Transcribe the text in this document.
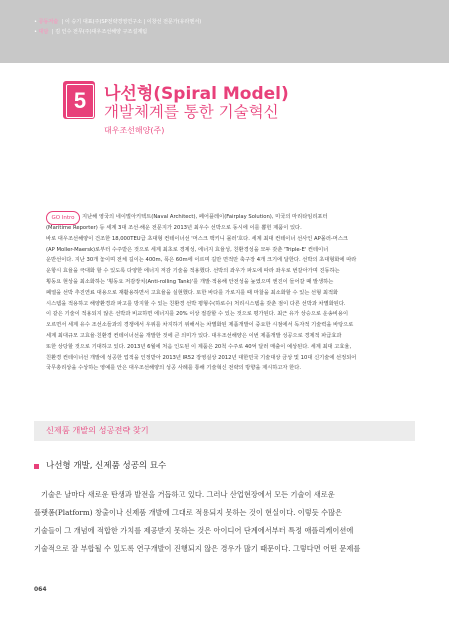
• 공동저술 | 이 승기 대표(주)SP전략경영연구소 | 이창선 전문가(유라멘서)
• 대담 | 김 인수 전무(주)대우조선해양 구조설계팀
5	나선형(Spiral Model)
개발체계를 통한 기술혁신
대우조선해양(주)
GO Intro	지난해 영국의 네이벌아키텍트(Naval Architect), 페어플레이(Fairplay Solution), 미국의 마리타임리포터
(Maritime Reporter) 등 세계 3대 조선·해운 전문지가 2013년 최우수 선박으로 동시에 이를 뽑힌 제품이 있다.
바로 대우조선해양이 건조한 18,000TEU급 초대형 컨테이너선 '머스크 맥키니 몰러'호다. 세계 최대 컨테이너 선사인 AP몰러-머스크
(AP Moller-Maersk)로부터 수주받은 것으로 세계 최초로 경제성, 에너지 효율성, 친환경성을 모두 갖춘 'Triple-E' 컨테이너
운반선이다. 지난 30개 놓이며 전체 길이는 400m, 폭은 60m에 이르며 길만 면적만 축구장 4개 크기에 달한다. 선박의 초대형화에 따라
운항시 효율을 극대화 할 수 있도록 다양한 에너지 저감 기술을 적용했다. 선박의 좌우가 파도에 따라 좌우로 번갈아가며 진동하는
횡동요 현상을 최소화하는 '횡동요 저감장치(Anti-rolling Tank)'를 개발·적용해 안전성을 높였으며 엔진이 들어갈 때 발생하는
폐열을 선박 추진연료 대용으로 재활용하면서 고효율을 실현했다. 또한 바다를 가로지를 때 마찰을 최소화할 수 있는 선형 최적화
시스템을 적용하고 해양환경과 파고를 방지할 수 있는 친환경 선박 평형수(하로수) 처리시스템을 갖춘 점이 다른 선박과 차별화된다.
이 같은 기술이 적용되지 않은 선박과 비교하면 에너지를 20% 이상 절감할 수 있는 것으로 평가된다. 최근 유가 상승으로 운송비용이
오르면서 세계 유수 조선소들과의 경쟁에서 우위를 차지하기 위해서는 차별화된 제품개발이 중요한 시점에서 독자적 기술력을 바탕으로
세계 최대규모 고효율·친환경 컨테이너선을 개발한 것에 큰 의미가 있다. 대우조선해양은 이번 제품개발 성공으로 경제적 파급효과
또한 상당할 것으로 기대하고 있다. 2013년 6월에 처음 인도된 이 제품은 20척 수주로 40억 달러 매출이 예상된다. 세계 최대 고효율,
친환경 컨테이너선 개발에 성공한 업적을 인정받아 2013년 IR52 장영실상 2012년 대한민국 기술대상 금상 및 10대 신기술에 선정되어
국무총리상을 수상하는 영예를 안은 대우조선해양의 성공 사례를 통해 기술혁신 전략의 방향을 제시하고자 한다.
신제품 개발의 성공전략 찾기
나선형 개발, 신제품 성공의 묘수
기술은 날마다 새로운 탄생과 발전을 거듭하고 있다. 그러나 산업현장에서 모든 기술이 새로운
플랫폼(Platform) 창출이나 신제품 개발에 그대로 적용되지 못하는 것이 현실이다. 이렇듯 수많은
기술들이 그 개념에 적합한 가치를 제공받지 못하는 것은 아이디어 단계에서부터 특정 애플리케이션에
기술적으로 잘 부합될 수 있도록 연구개발이 진행되지 않은 경우가 많기 때문이다. 그렇다면 어떤 문제를
064
